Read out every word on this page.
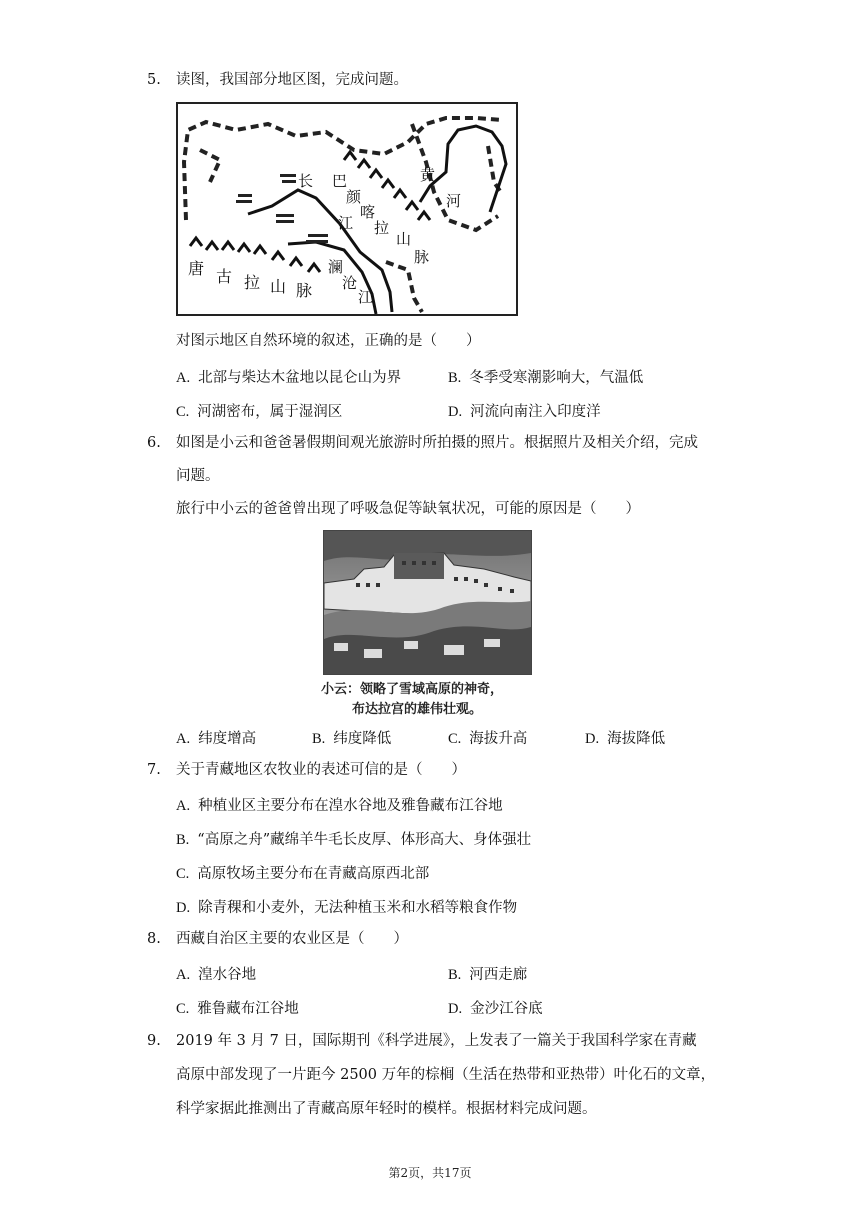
5.	读图，我国部分地区图，完成问题。
长
江
巴
颜
喀
拉
山
脉
黄
河
唐 古 拉 山 脉
澜
沧
江
对图示地区自然环境的叙述，正确的是（　　）
A. 北部与柴达木盆地以昆仑山为界	B. 冬季受寒潮影响大，气温低
C. 河湖密布，属于湿润区	D. 河流向南注入印度洋
6.	如图是小云和爸爸暑假期间观光旅游时所拍摄的照片。根据照片及相关介绍，完成
问题。
旅行中小云的爸爸曾出现了呼吸急促等缺氧状况，可能的原因是（　　）
小云：领略了雪域高原的神奇，
布达拉宫的雄伟壮观。
A. 纬度增高	B. 纬度降低	C. 海拔升高	D. 海拔降低
7.	关于青藏地区农牧业的表述可信的是（　　）
A. 种植业区主要分布在湟水谷地及雅鲁藏布江谷地
B. “高原之舟”藏绵羊牛毛长皮厚、体形高大、身体强壮
C. 高原牧场主要分布在青藏高原西北部
D. 除青稞和小麦外，无法种植玉米和水稻等粮食作物
8.	西藏自治区主要的农业区是（　　）
A. 湟水谷地	B. 河西走廊
C. 雅鲁藏布江谷地	D. 金沙江谷底
9.	2019 年 3 月 7 日，国际期刊《科学进展》，上发表了一篇关于我国科学家在青藏
高原中部发现了一片距今 2500 万年的棕榈（生活在热带和亚热带）叶化石的文章，
科学家据此推测出了青藏高原年轻时的模样。根据材料完成问题。
第2页，共17页
